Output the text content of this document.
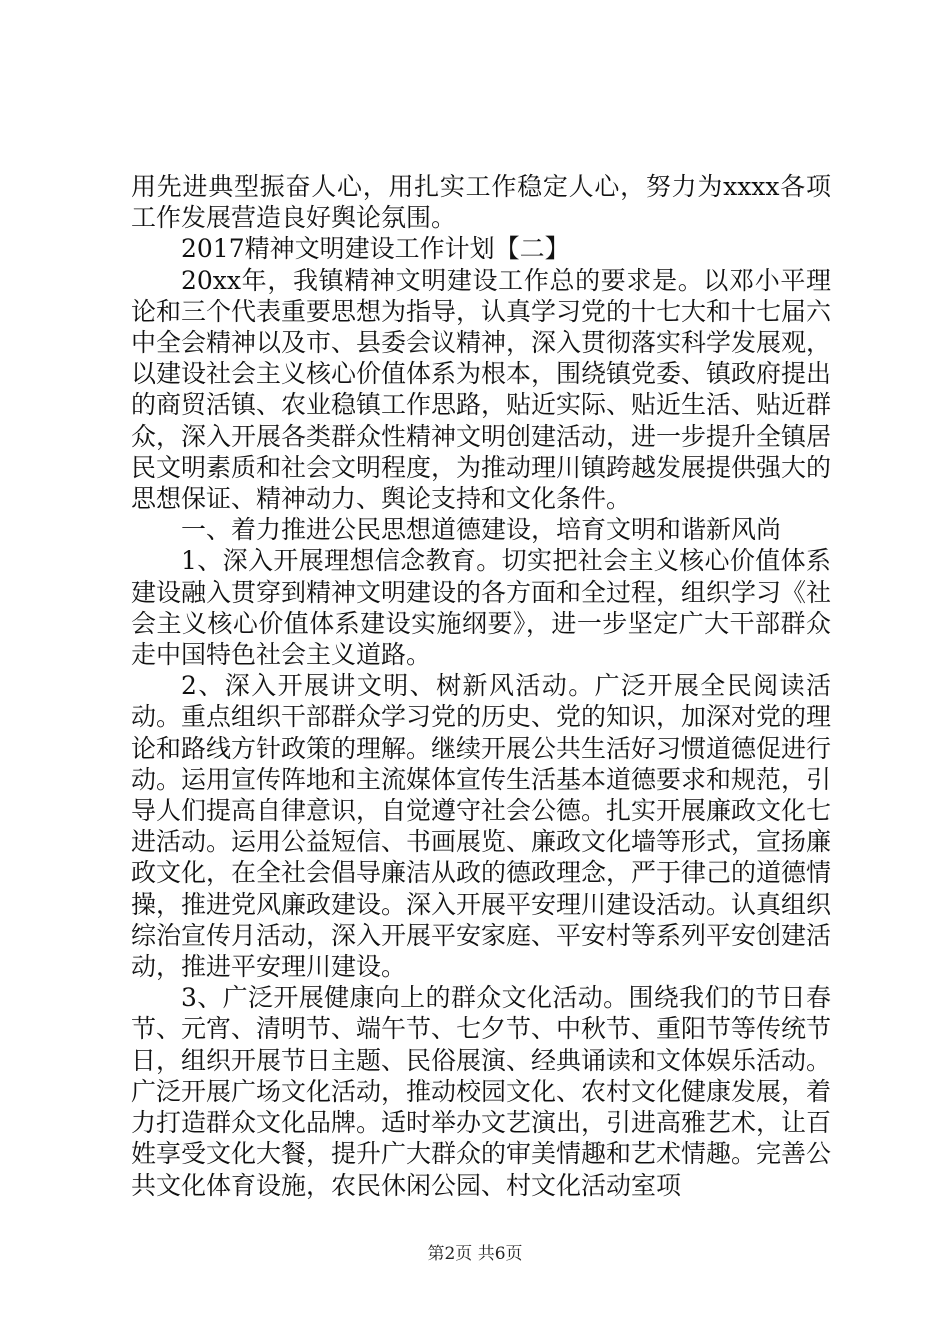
用先进典型振奋人心，用扎实工作稳定人心，努力为xxxx各项工作发展营造良好舆论氛围。

2017精神文明建设工作计划【二】

20xx年，我镇精神文明建设工作总的要求是。以邓小平理论和三个代表重要思想为指导，认真学习党的十七大和十七届六中全会精神以及市、县委会议精神，深入贯彻落实科学发展观，以建设社会主义核心价值体系为根本，围绕镇党委、镇政府提出的商贸活镇、农业稳镇工作思路，贴近实际、贴近生活、贴近群众，深入开展各类群众性精神文明创建活动，进一步提升全镇居民文明素质和社会文明程度，为推动理川镇跨越发展提供强大的思想保证、精神动力、舆论支持和文化条件。

一、着力推进公民思想道德建设，培育文明和谐新风尚

1、深入开展理想信念教育。切实把社会主义核心价值体系建设融入贯穿到精神文明建设的各方面和全过程，组织学习《社会主义核心价值体系建设实施纲要》，进一步坚定广大干部群众走中国特色社会主义道路。

2、深入开展讲文明、树新风活动。广泛开展全民阅读活动。重点组织干部群众学习党的历史、党的知识，加深对党的理论和路线方针政策的理解。继续开展公共生活好习惯道德促进行动。运用宣传阵地和主流媒体宣传生活基本道德要求和规范，引导人们提高自律意识，自觉遵守社会公德。扎实开展廉政文化七进活动。运用公益短信、书画展览、廉政文化墙等形式，宣扬廉政文化，在全社会倡导廉洁从政的德政理念，严于律己的道德情操，推进党风廉政建设。深入开展平安理川建设活动。认真组织综治宣传月活动，深入开展平安家庭、平安村等系列平安创建活动，推进平安理川建设。

3、广泛开展健康向上的群众文化活动。围绕我们的节日春节、元宵、清明节、端午节、七夕节、中秋节、重阳节等传统节日，组织开展节日主题、民俗展演、经典诵读和文体娱乐活动。广泛开展广场文化活动，推动校园文化、农村文化健康发展，着力打造群众文化品牌。适时举办文艺演出，引进高雅艺术，让百姓享受文化大餐，提升广大群众的审美情趣和艺术情趣。完善公共文化体育设施，农民休闲公园、村文化活动室项

第2页 共6页
